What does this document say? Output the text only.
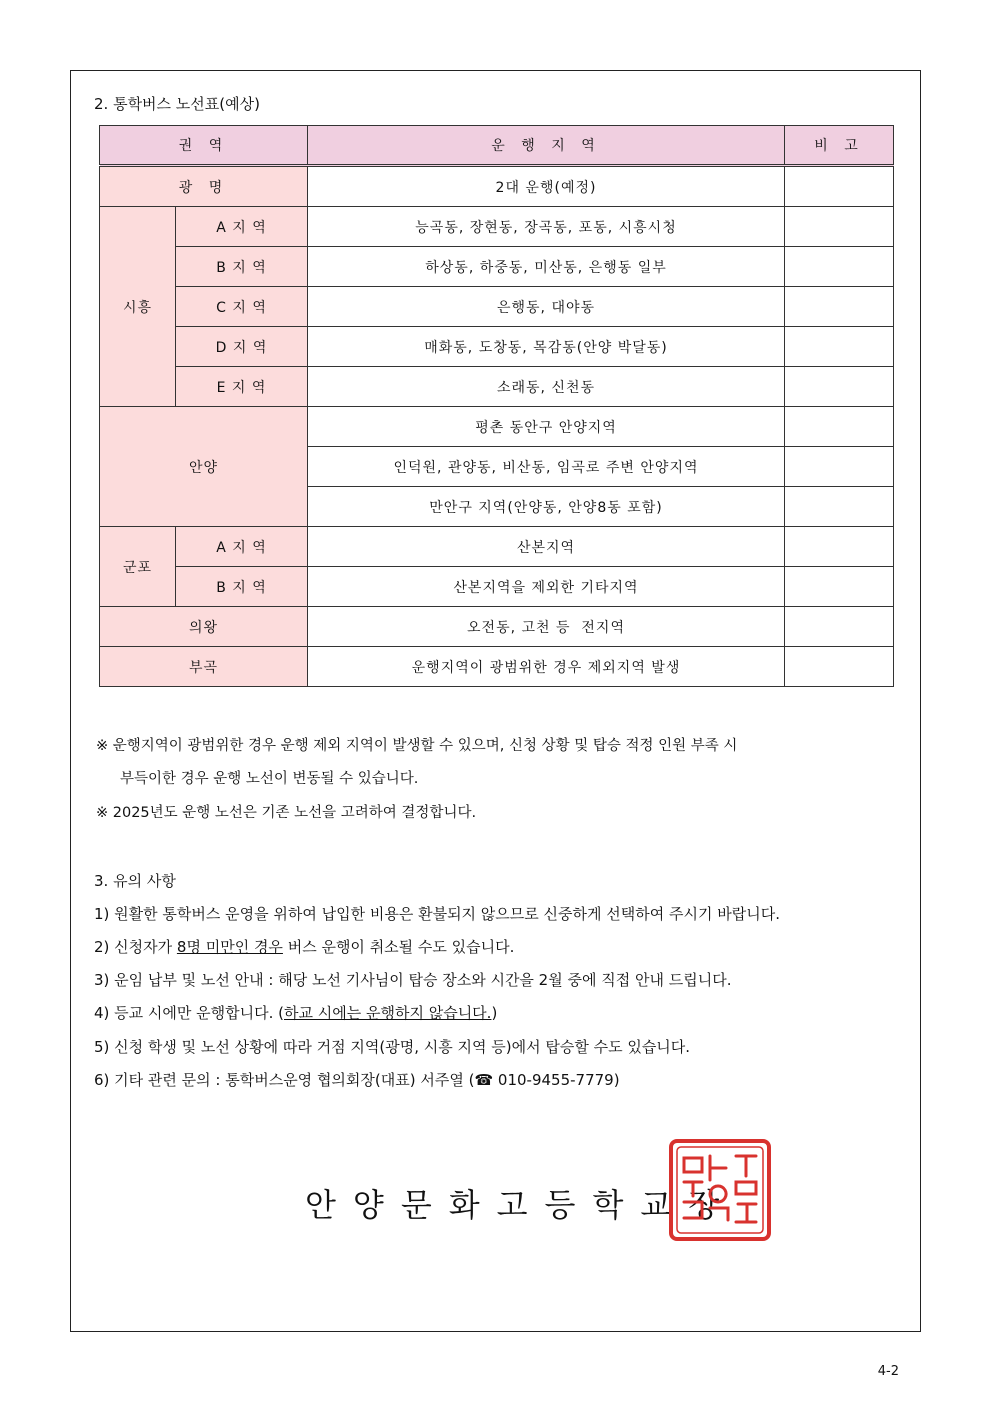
2. 통학버스 노선표(예상)
권 역		운 행 지 역	비 고
광 명		2대 운행(예정)	
시흥	A 지 역	능곡동, 장현동, 장곡동, 포동, 시흥시청	
	B 지 역	하상동, 하중동, 미산동, 은행동 일부	
	C 지 역	은행동, 대야동	
	D 지 역	매화동, 도창동, 목감동(안양 박달동)	
	E 지 역	소래동, 신천동	
안양		평촌 동안구 안양지역	
		인덕원, 관양동, 비산동, 임곡로 주변 안양지역	
		만안구 지역(안양동, 안양8동 포함)	
군포	A 지 역	산본지역	
	B 지 역	산본지역을 제외한 기타지역	
의왕		오전동, 고천 등  전지역	
부곡		운행지역이 광범위한 경우 제외지역 발생	
※ 운행지역이 광범위한 경우 운행 제외 지역이 발생할 수 있으며, 신청 상황 및 탑승 적정 인원 부족 시
부득이한 경우 운행 노선이 변동될 수 있습니다.
※ 2025년도 운행 노선은 기존 노선을 고려하여 결정합니다.
3. 유의 사항
1) 원활한 통학버스 운영을 위하여 납입한 비용은 환불되지 않으므로 신중하게 선택하여 주시기 바랍니다.
2) 신청자가 8명 미만인 경우 버스 운행이 취소될 수도 있습니다.
3) 운임 납부 및 노선 안내 : 해당 노선 기사님이 탑승 장소와 시간을 2월 중에 직접 안내 드립니다.
4) 등교 시에만 운행합니다. (하교 시에는 운행하지 않습니다.)
5) 신청 학생 및 노선 상황에 따라 거점 지역(광명, 시흥 지역 등)에서 탑승할 수도 있습니다.
6) 기타 관련 문의 : 통학버스운영 협의회장(대표) 서주열 (☎ 010-9455-7779)
안양문화고등학교장
4-2
